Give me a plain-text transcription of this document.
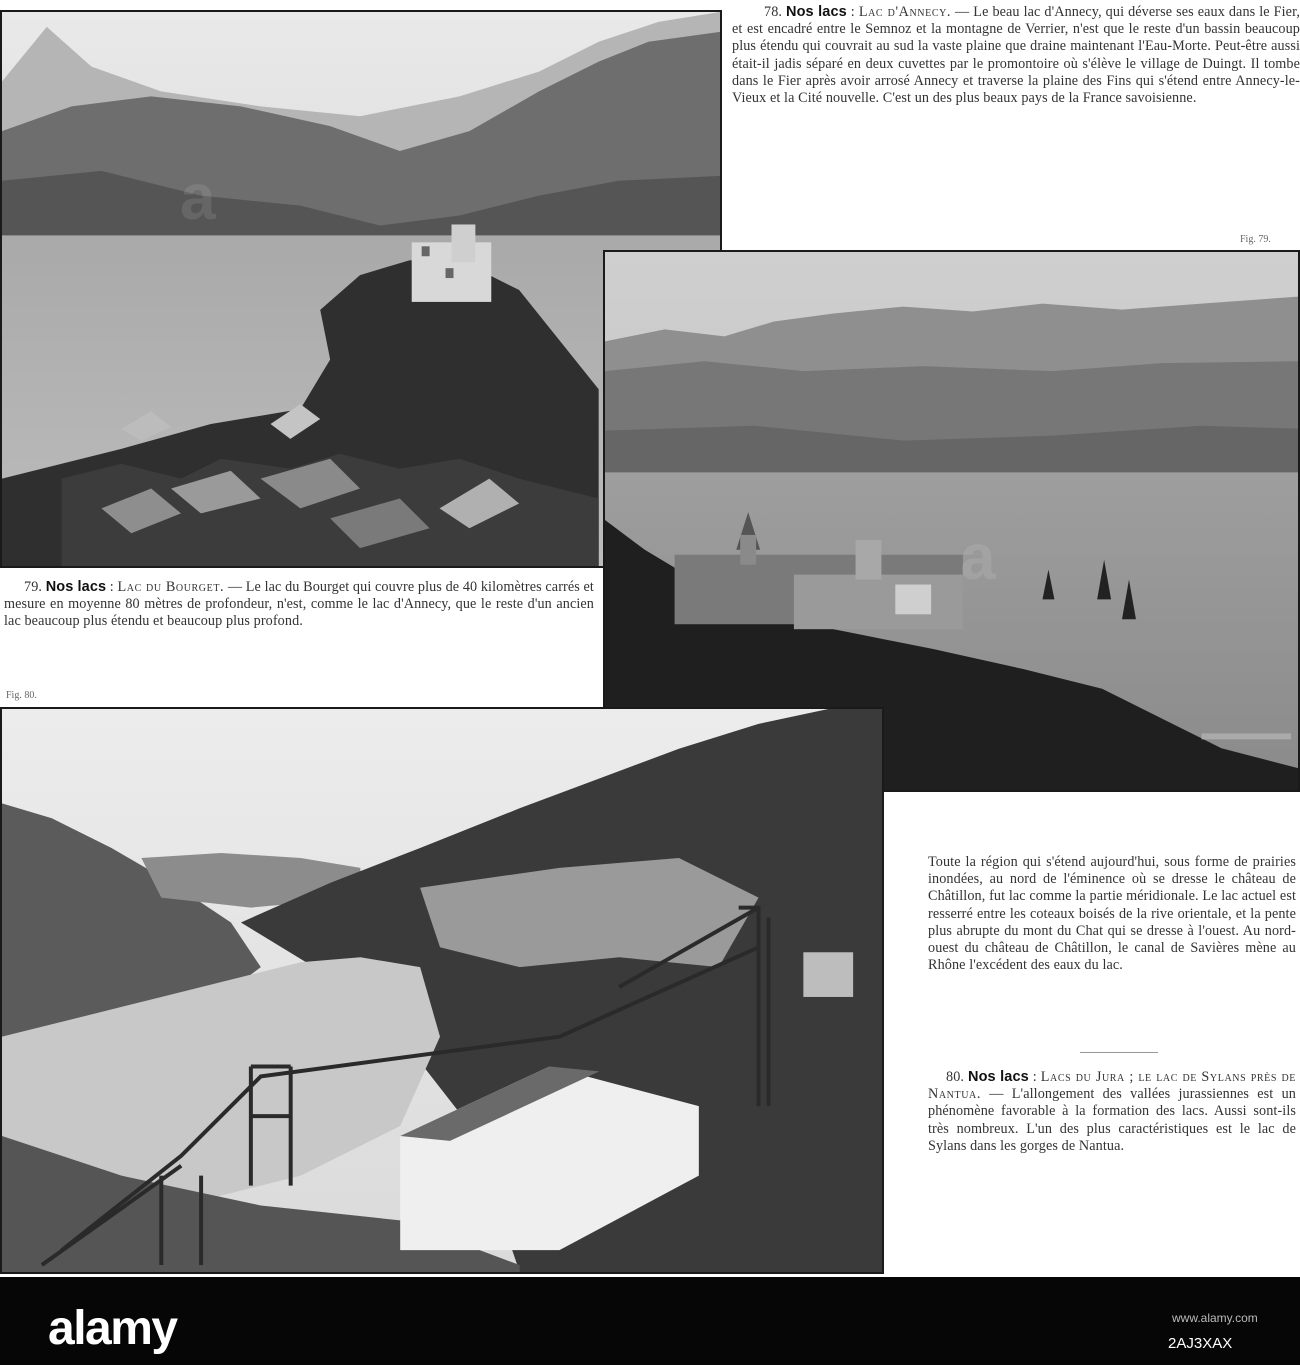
78. Nos lacs : Lac d'Annecy. — Le beau lac d'Annecy, qui déverse ses eaux dans le Fier, et est encadré entre le Semnoz et la montagne de Verrier, n'est que le reste d'un bassin beaucoup plus étendu qui couvrait au sud la vaste plaine que draine maintenant l'Eau-Morte. Peut-être aussi était-il jadis séparé en deux cuvettes par le promontoire où s'élève le village de Duingt. Il tombe dans le Fier après avoir arrosé Annecy et traverse la plaine des Fins qui s'étend entre Annecy-le-Vieux et la Cité nouvelle. C'est un des plus beaux pays de la France savoisienne.
Fig. 79.
79. Nos lacs : Lac du Bourget. — Le lac du Bourget qui couvre plus de 40 kilomètres carrés et mesure en moyenne 80 mètres de profondeur, n'est, comme le lac d'Annecy, que le reste d'un ancien lac beaucoup plus étendu et beaucoup plus profond.
Fig. 80.
Toute la région qui s'étend aujourd'hui, sous forme de prairies inondées, au nord de l'éminence où se dresse le château de Châtillon, fut lac comme la partie méridionale. Le lac actuel est resserré entre les coteaux boisés de la rive orientale, et la pente plus abrupte du mont du Chat qui se dresse à l'ouest. Au nord-ouest du château de Châtillon, le canal de Savières mène au Rhône l'excédent des eaux du lac.
80. Nos lacs : Lacs du Jura ; le lac de Sylans près de Nantua. — L'allongement des vallées jurassiennes est un phénomène favorable à la formation des lacs. Aussi sont-ils très nombreux. L'un des plus caractéristiques est le lac de Sylans dans les gorges de Nantua.
alamy	www.alamy.com
2AJ3XAX
